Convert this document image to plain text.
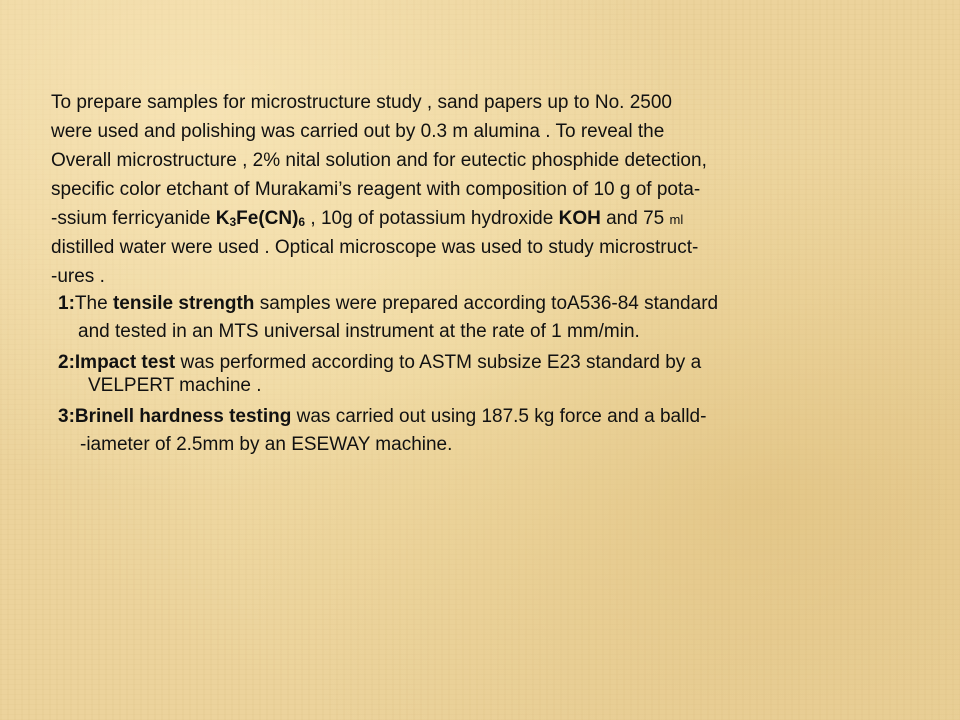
To prepare samples for microstructure study , sand papers up to No. 2500
were used and polishing was carried out by 0.3 m alumina . To reveal the
Overall microstructure , 2% nital solution and for eutectic phosphide detection,
specific color etchant of Murakami’s reagent with composition of 10 g of pota-
-ssium ferricyanide K3Fe(CN)6 , 10g of potassium hydroxide KOH and 75 ml
distilled water were used . Optical microscope was used to study microstruct-
-ures .
1:The tensile strength samples were prepared according toA536-84 standard
and tested in an MTS universal instrument at the rate of 1 mm/min.
2:Impact test was performed according to ASTM subsize E23 standard by a
VELPERT machine .
3:Brinell hardness testing was carried out using 187.5 kg force and a balld-
-iameter of 2.5mm by an ESEWAY machine.
